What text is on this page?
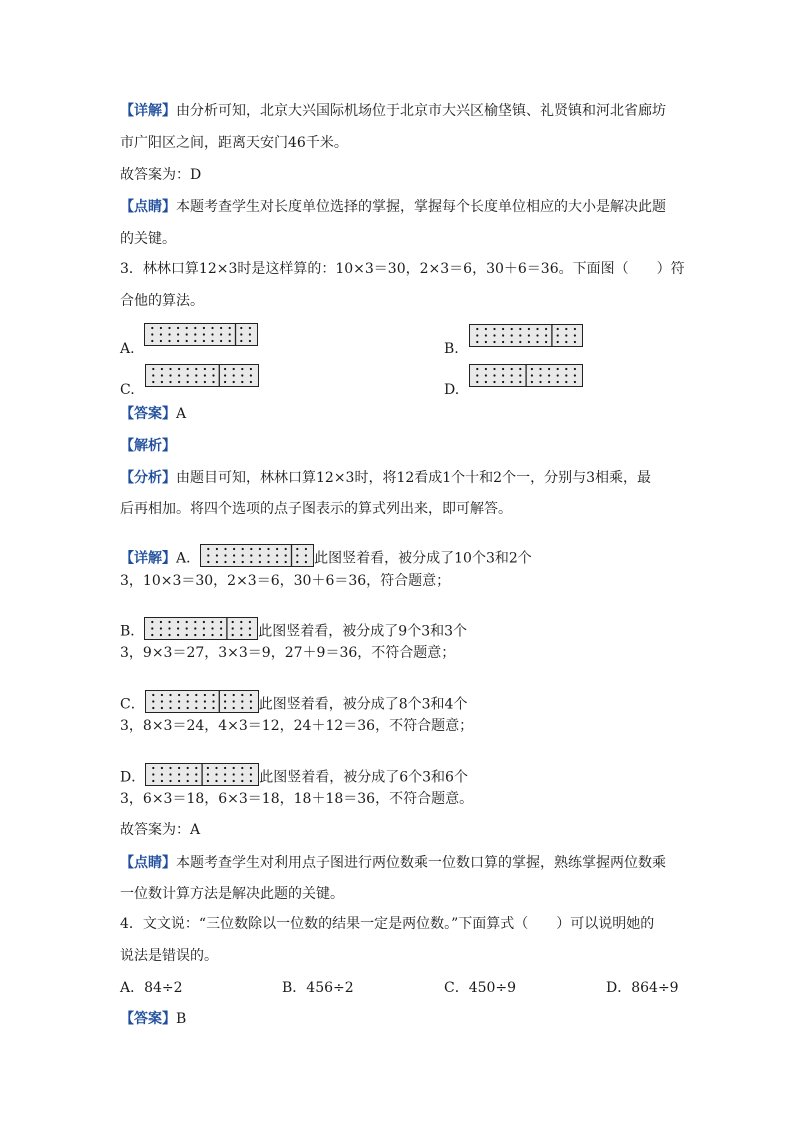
【详解】由分析可知，北京大兴国际机场位于北京市大兴区榆垡镇、礼贤镇和河北省廊坊
市广阳区之间，距离天安门46千米。
故答案为：D
【点睛】本题考查学生对长度单位选择的掌握，掌握每个长度单位相应的大小是解决此题
的关键。
3．林林口算12×3时是这样算的：10×3＝30，2×3＝6，30＋6＝36。下面图（　　）符
合他的算法。
A.	B.
C.	D.
【答案】A
【解析】
【分析】由题目可知，林林口算12×3时，将12看成1个十和2个一，分别与3相乘，最
后再相加。将四个选项的点子图表示的算式列出来，即可解答。
【详解】A．	此图竖着看，被分成了10个3和2个
3，10×3＝30，2×3＝6，30＋6＝36，符合题意；
B．	此图竖着看，被分成了9个3和3个
3，9×3＝27，3×3＝9，27＋9＝36，不符合题意；
C．	此图竖着看，被分成了8个3和4个
3，8×3＝24，4×3＝12，24＋12＝36，不符合题意；
D．	此图竖着看，被分成了6个3和6个
3，6×3＝18，6×3＝18，18＋18＝36，不符合题意。
故答案为：A
【点睛】本题考查学生对利用点子图进行两位数乘一位数口算的掌握，熟练掌握两位数乘
一位数计算方法是解决此题的关键。
4．文文说：“三位数除以一位数的结果一定是两位数。”下面算式（　　）可以说明她的
说法是错误的。
A．84÷2	B．456÷2	C．450÷9	D．864÷9
【答案】B
